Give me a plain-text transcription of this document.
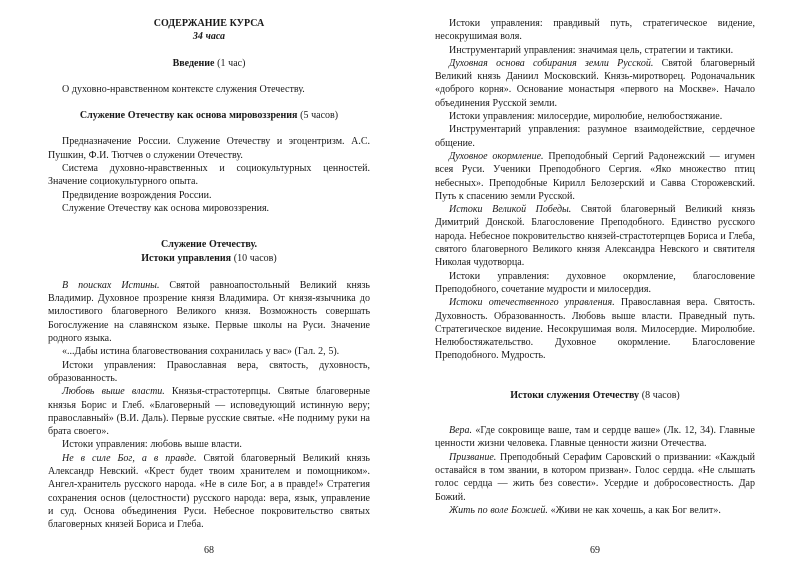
СОДЕРЖАНИЕ КУРСА

34 часа

Введение (1 час)

О духовно-нравственном контексте служения Отечеству.

Служение Отечеству как основа мировоззрения (5 часов)

Предназначение России. Служение Отечеству и эгоцентризм. А.С. Пушкин, Ф.И. Тютчев о служении Отечеству.

Система духовно-нравственных и социокультурных ценностей. Значение социокультурного опыта.

Предвидение возрождения России.

Служение Отечеству как основа мировоззрения.

Служение Отечеству.

Истоки управления (10 часов)

В поисках Истины. Святой равноапостольный Великий князь Владимир. Духовное прозрение князя Владимира. От князя-язычника до милостивого благоверного Великого князя. Возможность совершать Богослужение на славянском языке. Первые школы на Руси. Значение родного языка.

«...Дабы истина благовествования сохранилась у вас» (Гал. 2, 5).

Истоки управления: Православная вера, святость, духовность, образованность.

Любовь выше власти. Князья-страстотерпцы. Святые благоверные князья Борис и Глеб. «Благоверный — исповедующий истинную веру; православный» (В.И. Даль). Первые русские святые. «Не подниму руки на брата своего».

Истоки управления: любовь выше власти.

Не в силе Бог, а в правде. Святой благоверный Великий князь Александр Невский. «Крест будет твоим хранителем и помощником». Ангел-хранитель русского народа. «Не в силе Бог, а в правде!» Стратегия сохранения основ (целостности) русского народа: вера, язык, управление и суд. Основа объединения Руси. Небесное покровительство святых благоверных князей Бориса и Глеба.

68

Истоки управления: правдивый путь, стратегическое видение, несокрушимая воля.

Инструментарий управления: значимая цель, стратегии и тактики.

Духовная основа собирания земли Русской. Святой благоверный Великий князь Даниил Московский. Князь-миротворец. Родоначальник «доброго корня». Основание монастыря «первого на Москве». Начало объединения Русской земли.

Истоки управления: милосердие, миролюбие, нелюбостяжание.

Инструментарий управления: разумное взаимодействие, сердечное общение.

Духовное окормление. Преподобный Сергий Радонежский — игумен всея Руси. Ученики Преподобного Сергия. «Яко множество птиц небесных». Преподобные Кирилл Белозерский и Савва Сторожевский. Путь к спасению земли Русской.

Истоки Великой Победы. Святой благоверный Великий князь Димитрий Донской. Благословение Преподобного. Единство русского народа. Небесное покровительство князей-страстотерпцев Бориса и Глеба, святого благоверного Великого князя Александра Невского и святителя Николая чудотворца.

Истоки управления: духовное окормление, благословение Преподобного, сочетание мудрости и милосердия.

Истоки отечественного управления. Православная вера. Святость. Духовность. Образованность. Любовь выше власти. Праведный путь. Стратегическое видение. Несокрушимая воля. Милосердие. Миролюбие. Нелюбостяжательство. Духовное окормление. Благословение Преподобного. Мудрость.

Истоки служения Отечеству (8 часов)

Вера. «Где сокровище ваше, там и сердце ваше» (Лк. 12, 34). Главные ценности жизни человека. Главные ценности жизни Отечества.

Призвание. Преподобный Серафим Саровский о призвании: «Каждый оставайся в том звании, в котором призван». Голос сердца. «Не слышать голос сердца — жить без совести». Усердие и добросовестность. Дар Божий.

Жить по воле Божией. «Живи не как хочешь, а как Бог велит».

69
